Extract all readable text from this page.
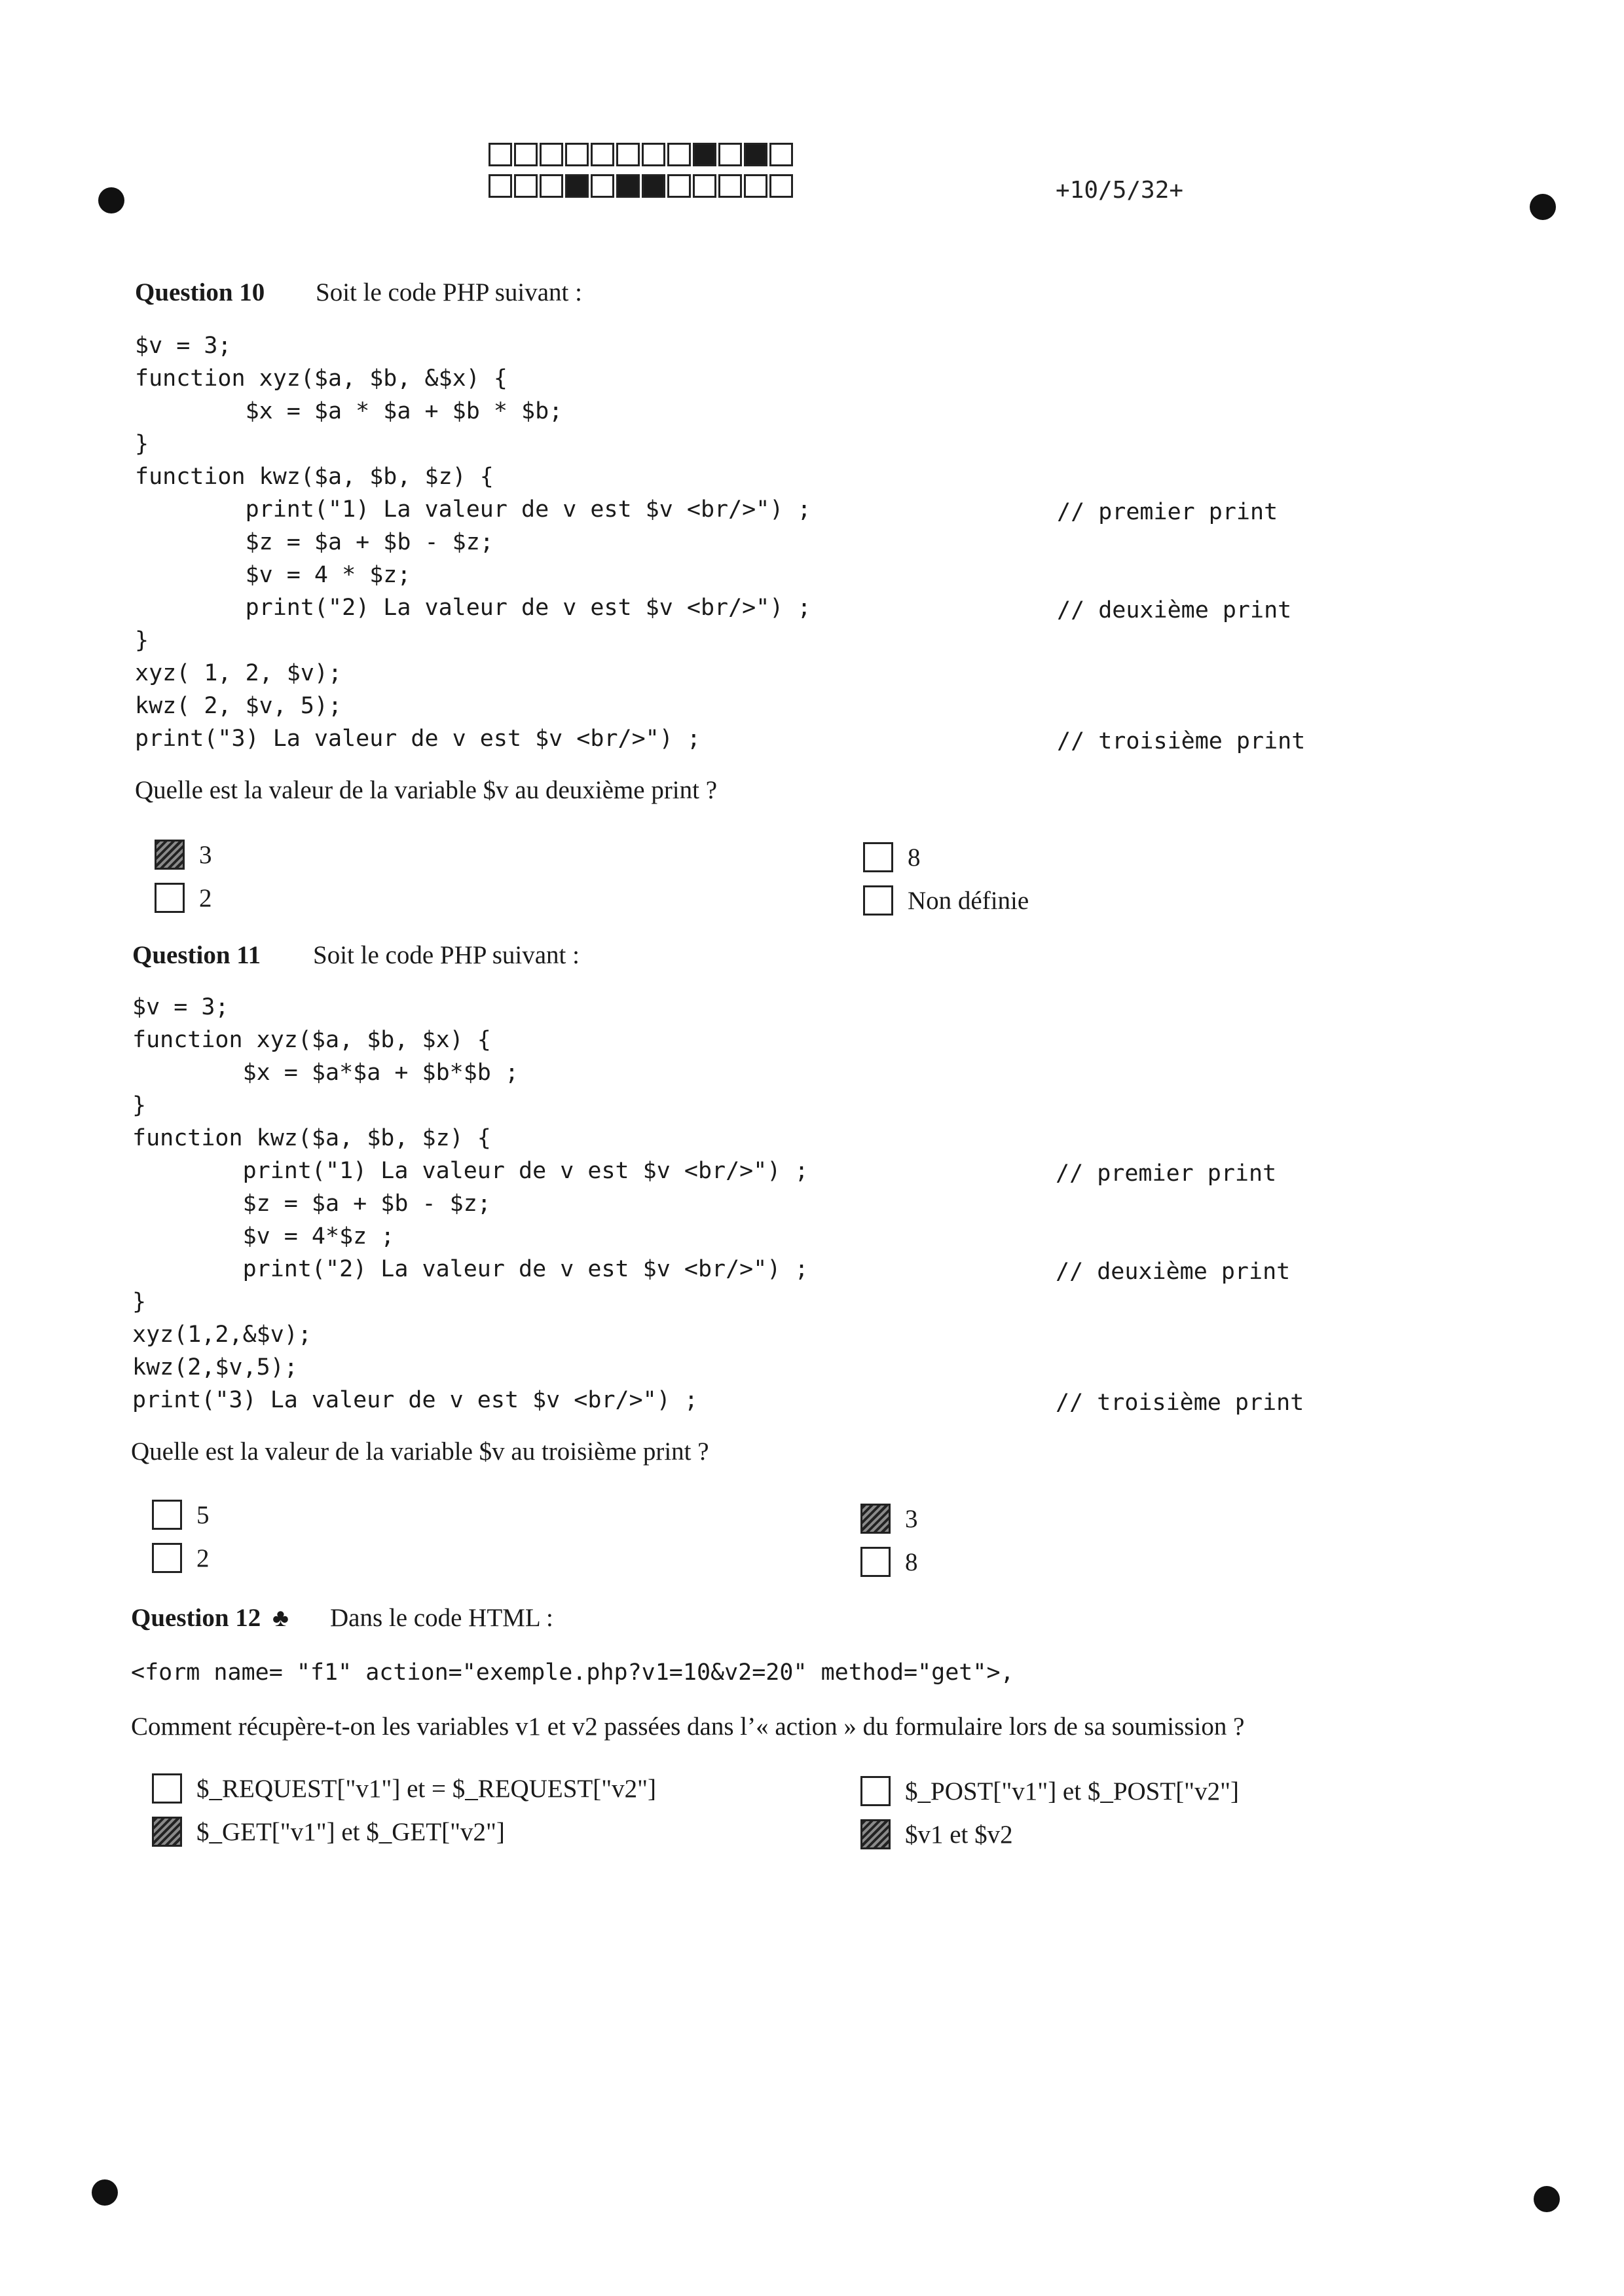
+10/5/32+
Question 10 Soit le code PHP suivant :
$v = 3;
function xyz($a, $b, &$x) {
$x = $a * $a + $b * $b;
}
function kwz($a, $b, $z) {
print("1) La valeur de v est $v <br/>") ;
$z = $a + $b - $z;
$v = 4 * $z;
print("2) La valeur de v est $v <br/>") ;
}
xyz( 1, 2, $v);
kwz( 2, $v, 5);
print("3) La valeur de v est $v <br/>") ;
// premier print
// deuxième print
// troisième print
Quelle est la valeur de la variable $v au deuxième print ?
3
2
8
Non définie
Question 11 Soit le code PHP suivant :
$v = 3;
function xyz($a, $b, $x) {
$x = $a*$a + $b*$b ;
}
function kwz($a, $b, $z) {
print("1) La valeur de v est $v <br/>") ;
$z = $a + $b - $z;
$v = 4*$z ;
print("2) La valeur de v est $v <br/>") ;
}
xyz(1,2,&$v);
kwz(2,$v,5);
print("3) La valeur de v est $v <br/>") ;
// premier print
// deuxième print
// troisième print
Quelle est la valeur de la variable $v au troisième print ?
5
2
3
8
Question 12 ♣ Dans le code HTML :
<form name= "f1" action="exemple.php?v1=10&v2=20" method="get">,
Comment récupère-t-on les variables v1 et v2 passées dans l’« action » du formulaire lors de sa soumission ?
$_REQUEST["v1"] et = $_REQUEST["v2"]
$_GET["v1"] et $_GET["v2"]
$_POST["v1"] et $_POST["v2"]
$v1 et $v2
